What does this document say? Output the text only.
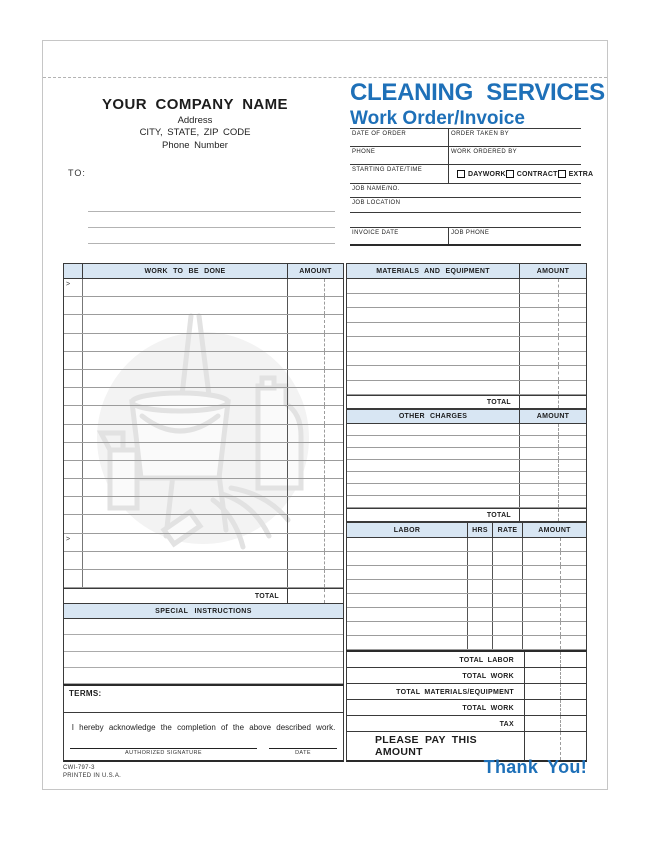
YOUR COMPANY NAME
Address
CITY, STATE, ZIP CODE
Phone Number
CLEANING SERVICES
Work Order/Invoice
TO:
DATE OF ORDER	ORDER TAKEN BY
PHONE	WORK ORDERED BY
STARTING DATE/TIME
DAYWORK CONTRACT EXTRA
JOB NAME/NO.
JOB LOCATION
INVOICE DATE	JOB PHONE
WORK TO BE DONE	AMOUNT
>
>
TOTAL
SPECIAL INSTRUCTIONS
TERMS:
I hereby acknowledge the completion of the above described work.
AUTHORIZED SIGNATURE	DATE
MATERIALS AND EQUIPMENT	AMOUNT
TOTAL
OTHER CHARGES	AMOUNT
TOTAL
LABOR	HRS	RATE	AMOUNT
TOTAL LABOR
TOTAL WORK
TOTAL MATERIALS/EQUIPMENT
TOTAL WORK
TAX
PLEASE PAY THIS AMOUNT
CWI-797-3
PRINTED IN U.S.A.	Thank You!
